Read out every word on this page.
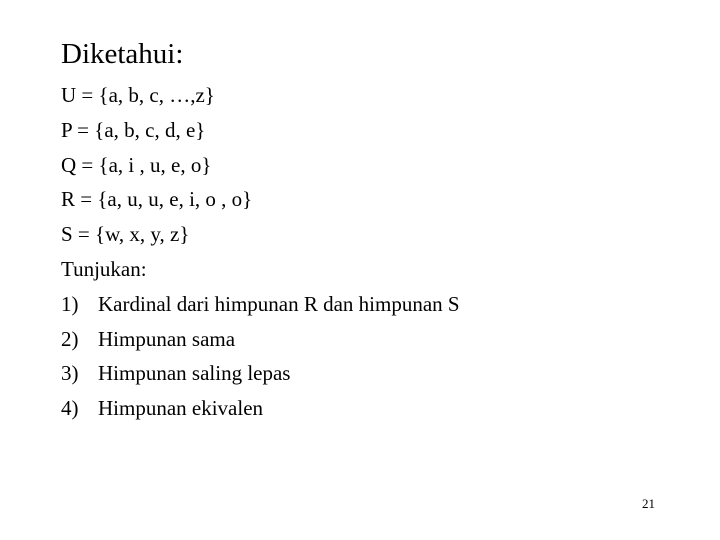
Diketahui:
U = {a, b, c, …,z}
P = {a, b, c, d, e}
Q = {a, i , u, e, o}
R = {a, u, u, e, i, o , o}
S = {w, x, y, z}
Tunjukan:
1) Kardinal dari himpunan R dan himpunan S
2) Himpunan sama
3) Himpunan saling lepas
4) Himpunan ekivalen
21
